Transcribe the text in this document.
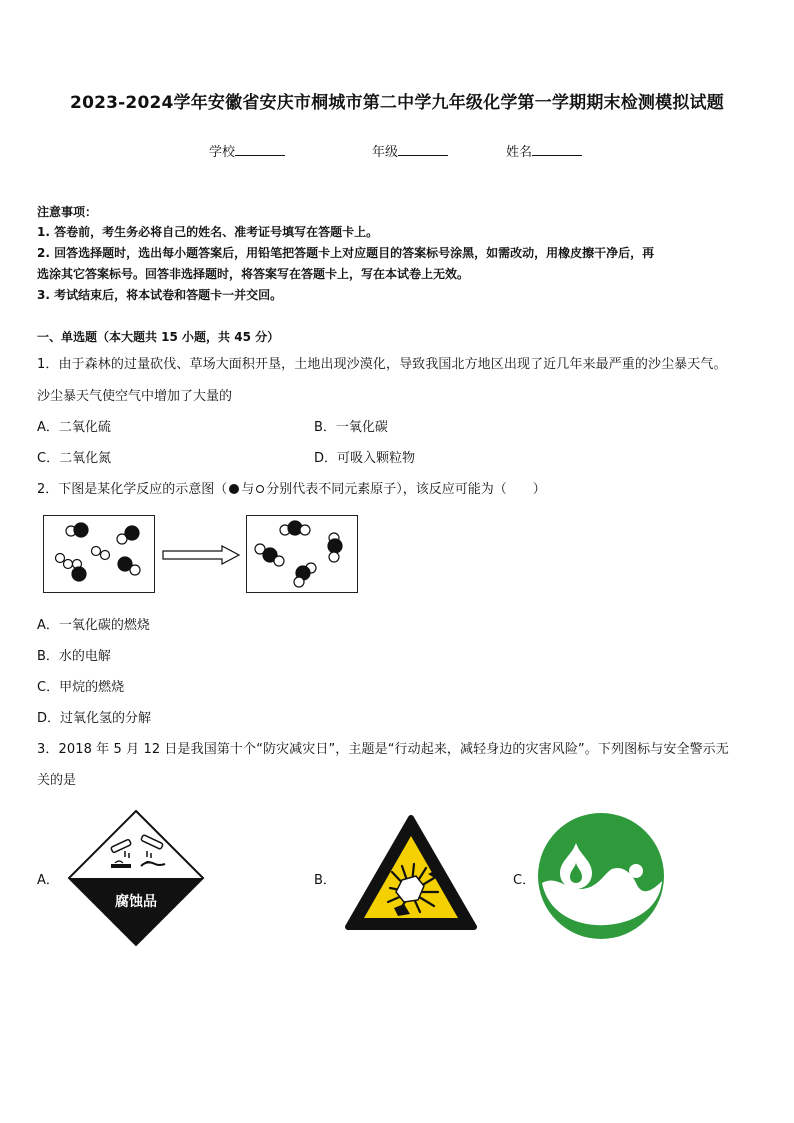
2023-2024学年安徽省安庆市桐城市第二中学九年级化学第一学期期末检测模拟试题
学校	年级	姓名
注意事项：
1. 答卷前，考生务必将自己的姓名、准考证号填写在答题卡上。
2. 回答选择题时，选出每小题答案后，用铅笔把答题卡上对应题目的答案标号涂黑，如需改动，用橡皮擦干净后，再
选涂其它答案标号。回答非选择题时，将答案写在答题卡上，写在本试卷上无效。
3. 考试结束后，将本试卷和答题卡一并交回。
一、单选题（本大题共 15 小题，共 45 分）
1．由于森林的过量砍伐、草场大面积开垦，土地出现沙漠化，导致我国北方地区出现了近几年来最严重的沙尘暴天气。
沙尘暴天气使空气中增加了大量的
A．二氧化硫	B．一氧化碳
C．二氧化氮	D．可吸入颗粒物
2．下图是某化学反应的示意图（ 与 分别代表不同元素原子），该反应可能为（　　）
A．一氧化碳的燃烧
B．水的电解
C．甲烷的燃烧
D．过氧化氢的分解
3．2018 年 5 月 12 日是我国第十个“防灾减灾日”，主题是“行动起来，减轻身边的灾害风险”。下列图标与安全警示无
关的是
A．	B．	C．
腐蚀品
